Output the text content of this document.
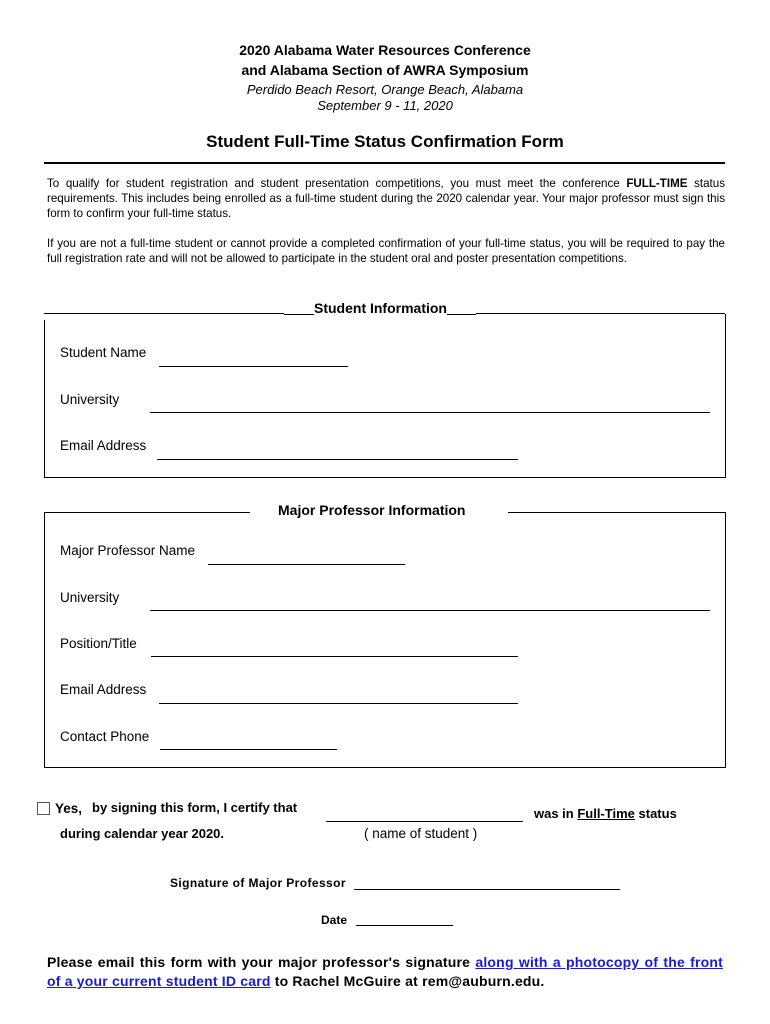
2020 Alabama Water Resources Conference
and Alabama Section of AWRA Symposium
Perdido Beach Resort, Orange Beach, Alabama
September 9 - 11, 2020
Student Full-Time Status Confirmation Form
To qualify for student registration and student presentation competitions, you must meet the conference FULL-TIME status requirements. This includes being enrolled as a full-time student during the 2020 calendar year. Your major professor must sign this form to confirm your full-time status.
If you are not a full-time student or cannot provide a completed confirmation of your full-time status, you will be required to pay the full registration rate and will not be allowed to participate in the student oral and poster presentation competitions.
Student Information
Student Name
University
Email Address
Major Professor Information
Major Professor Name
University
Position/Title
Email Address
Contact Phone
Yes, by signing this form, I certify that	was in Full-Time status
during calendar year 2020.	( name of student )
Signature of Major Professor
Date
Please email this form with your major professor's signature along with a photocopy of the front of a your current student ID card to Rachel McGuire at rem@auburn.edu.
